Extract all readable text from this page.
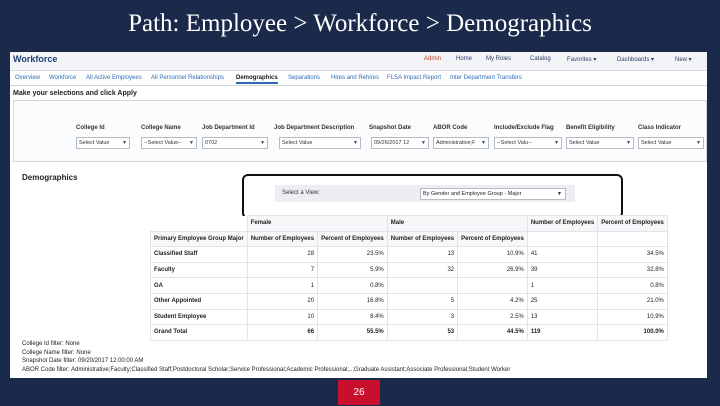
Path: Employee > Workforce > Demographics
Workforce	Admin Home My Roles	Catalog	Favorites ▾	Dashboards ▾	New ▾
Overview Workforce All Active Employees All Personnel Relationships Demographics Separations Hires and Rehires FLSA Impact Report Inter Department Transfers
Make your selections and click Apply
College Id	College Name	Job Department Id	Job Department Description Snapshot Date	ABOR Code	Include/Exclude Flag Benefit Eligibility	Class Indicator
Select Value	▼	--Select Value-- ▼	0702	▼	Select Value	▼	09/26/2017 12 ▼	Administrative;F ▼	--Select Valu--	▼	Select Value	▼	Select Value	▼
Demographics
Select a View:	By Gender and Employee Group - Major	▼
	Female		Male		Number of Employees	Percent of Employees
Primary Employee Group Major	Number of Employees	Percent of Employees	Number of Employees	Percent of Employees		
Classified Staff	28	23.5%	13	10.9%	41	34.5%
Faculty	7	5.9%	32	26.9%	39	32.8%
GA	1	0.8%			1	0.8%
Other Appointed	20	16.8%	5	4.2%	25	21.0%
Student Employee	10	8.4%	3	2.5%	13	10.9%
Grand Total	66	55.5%	53	44.5%	119	100.0%
College Id filter: None
College Name filter: None
Snapshot Date filter: 09/20/2017 12:00:00 AM
ABOR Code filter: Administrative;Faculty;Classified Staff;Postdoctoral Scholar;Service Professional;Academic Professional;..;Graduate Assistant;Associate Professional;Student Worker
26
